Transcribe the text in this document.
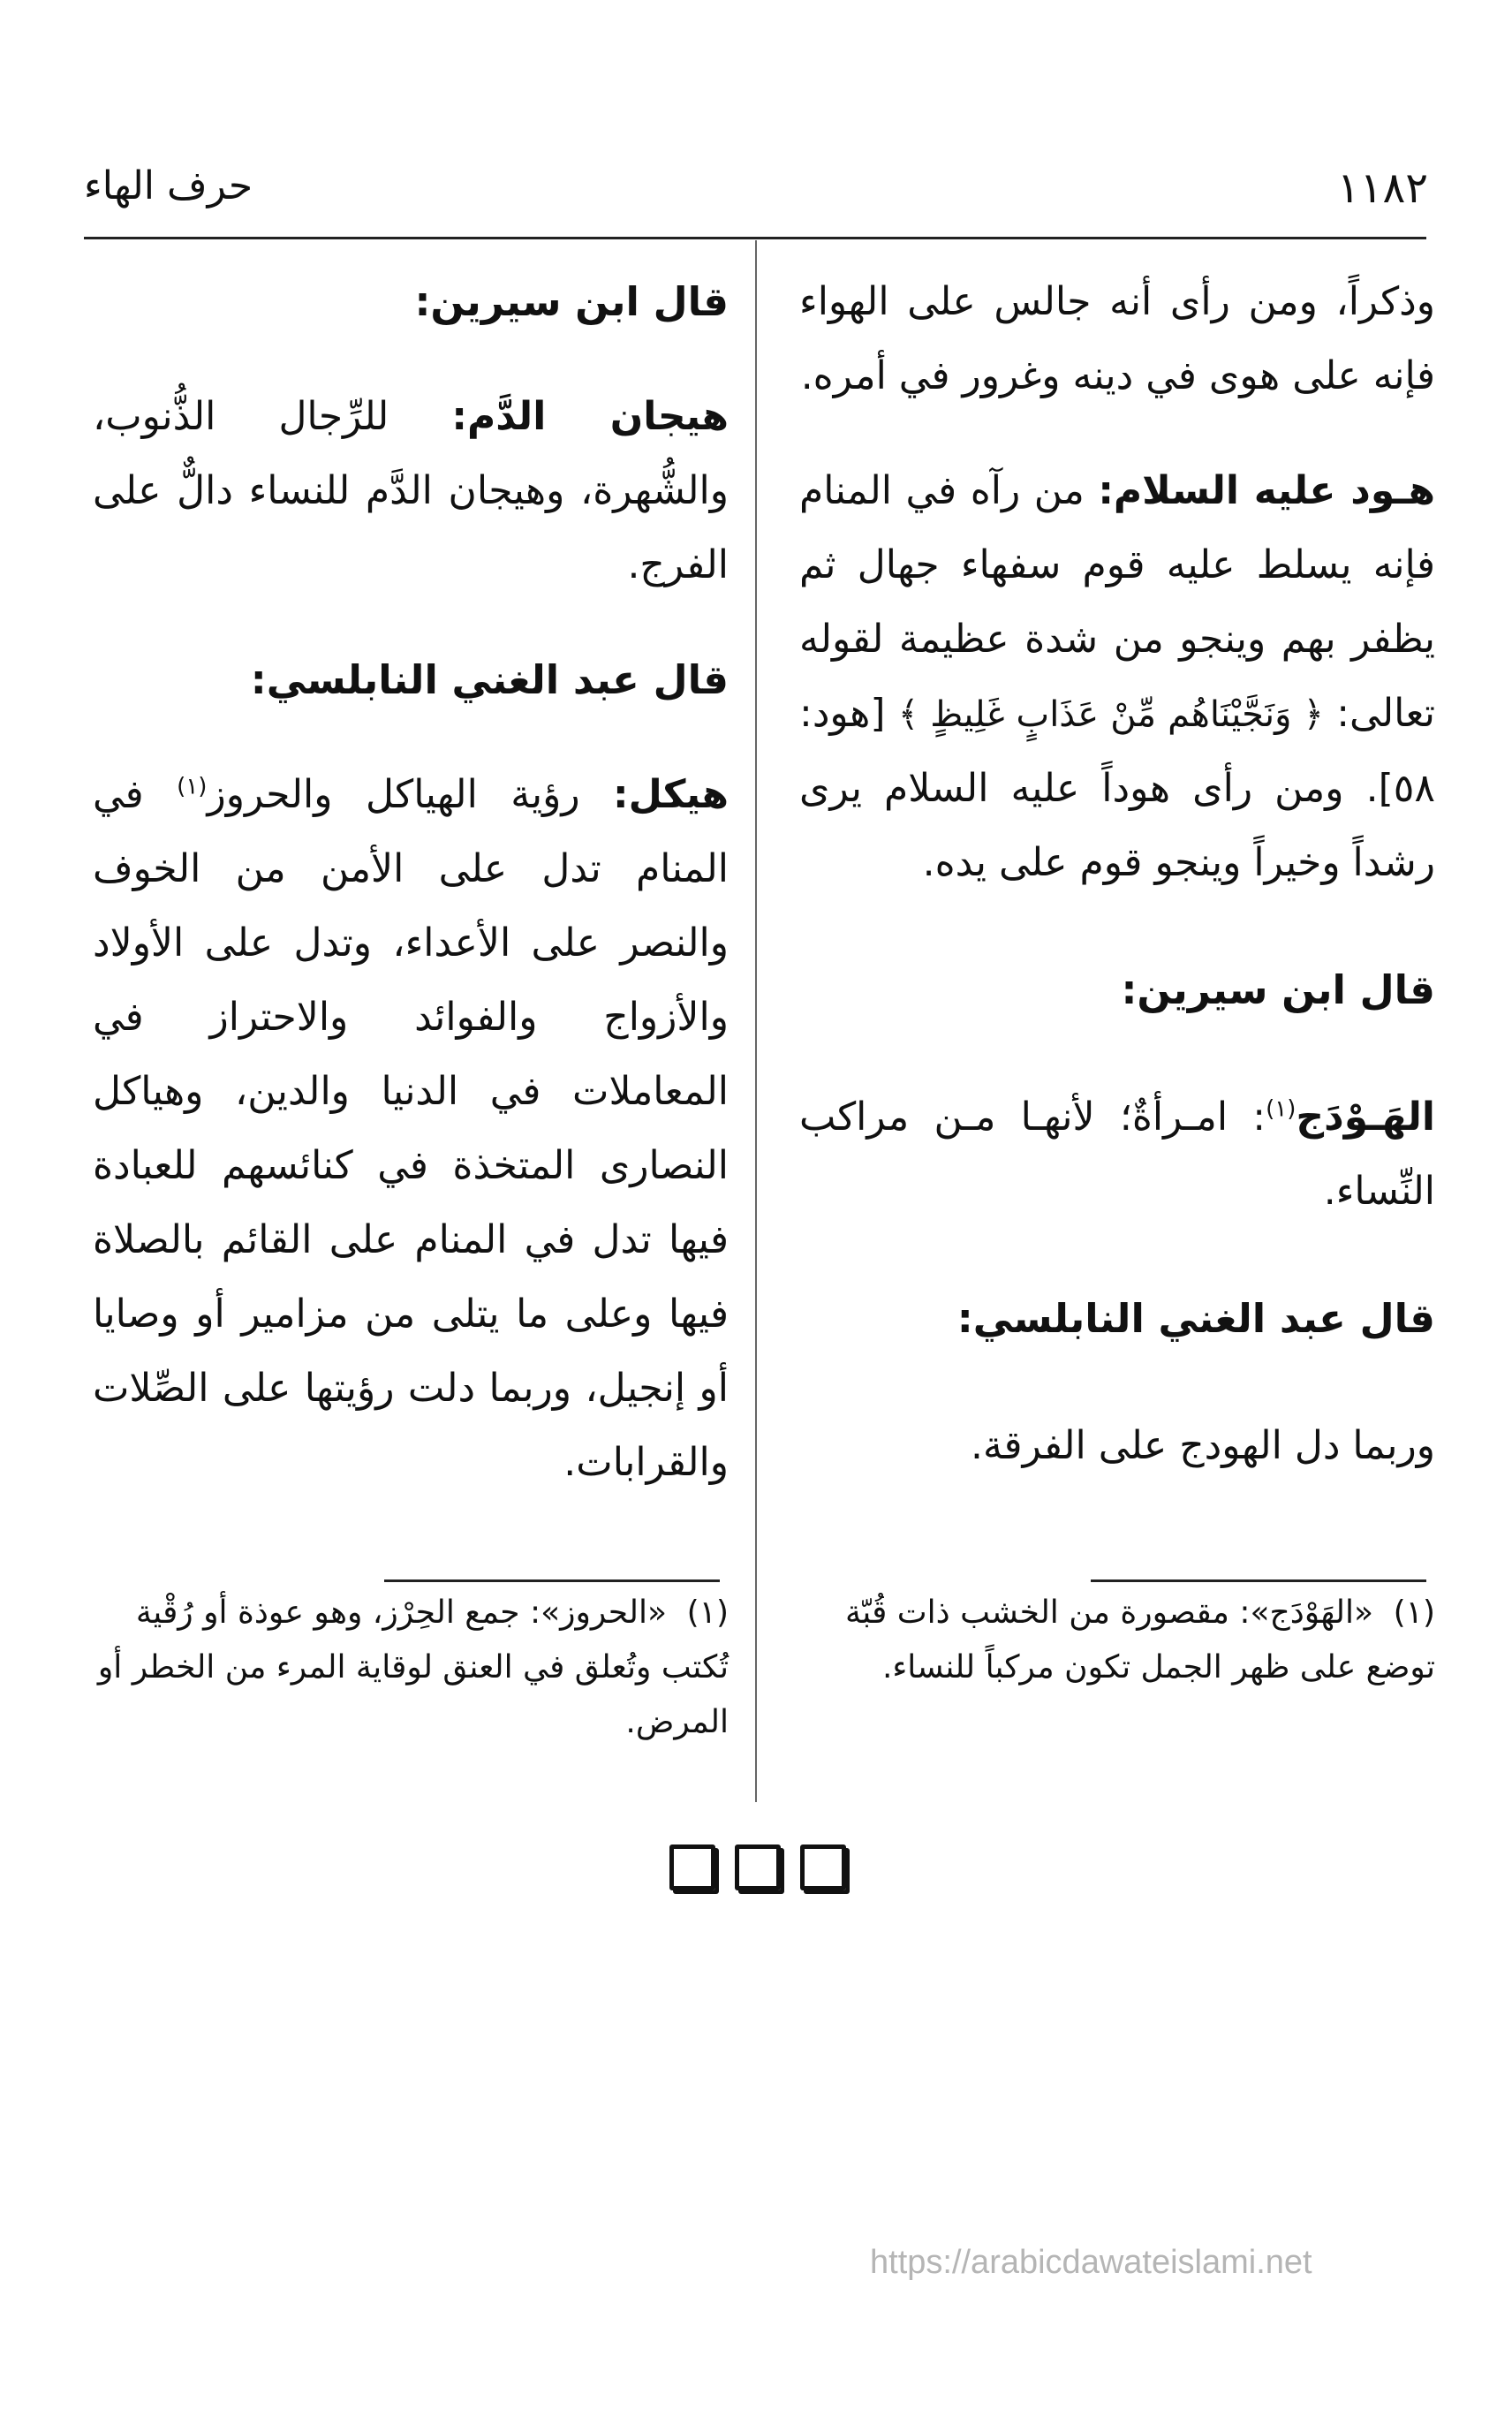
حرف الهاء	١١٨٢

وذكراً، ومن رأى أنه جالس على الهواء فإنه على هوى في دينه وغرور في أمره.

هـود عليه السلام: من رآه في المنام فإنه يسلط عليه قوم سفهاء جهال ثم يظفر بهم وينجو من شدة عظيمة لقوله تعالى: ﴿ وَنَجَّيْنَاهُم مِّنْ عَذَابٍ غَلِيظٍ ﴾ [هود: ٥٨]. ومن رأى هوداً عليه السلام يرى رشداً وخيراً وينجو قوم على يده.

قال ابن سيرين:

الهَـوْدَج$^{(١)}$: امـرأةٌ؛ لأنهـا مـن مراكب النِّساء.

قال عبد الغني النابلسي:

وربما دل الهودج على الفرقة.

(١)«الهَوْدَج»: مقصورة من الخشب ذات قُبّة توضع على ظهر الجمل تكون مركباً للنساء.

قال ابن سيرين:

هيجان الدَّم: للرِّجال الذُّنوب، والشُّهرة، وهيجان الدَّم للنساء دالٌّ على الفرج.

قال عبد الغني النابلسي:

هيكل: رؤية الهياكل والحروز$^{(١)}$ في المنام تدل على الأمن من الخوف والنصر على الأعداء، وتدل على الأولاد والأزواج والفوائد والاحتراز في المعاملات في الدنيا والدين، وهياكل النصارى المتخذة في كنائسهم للعبادة فيها تدل في المنام على القائم بالصلاة فيها وعلى ما يتلى من مزامير أو وصايا أو إنجيل، وربما دلت رؤيتها على الصِّلات والقرابات.

(١)«الحروز»: جمع الحِرْز، وهو عوذة أو رُقْية تُكتب وتُعلق في العنق لوقاية المرء من الخطر أو المرض.
https://arabicdawateislami.net
